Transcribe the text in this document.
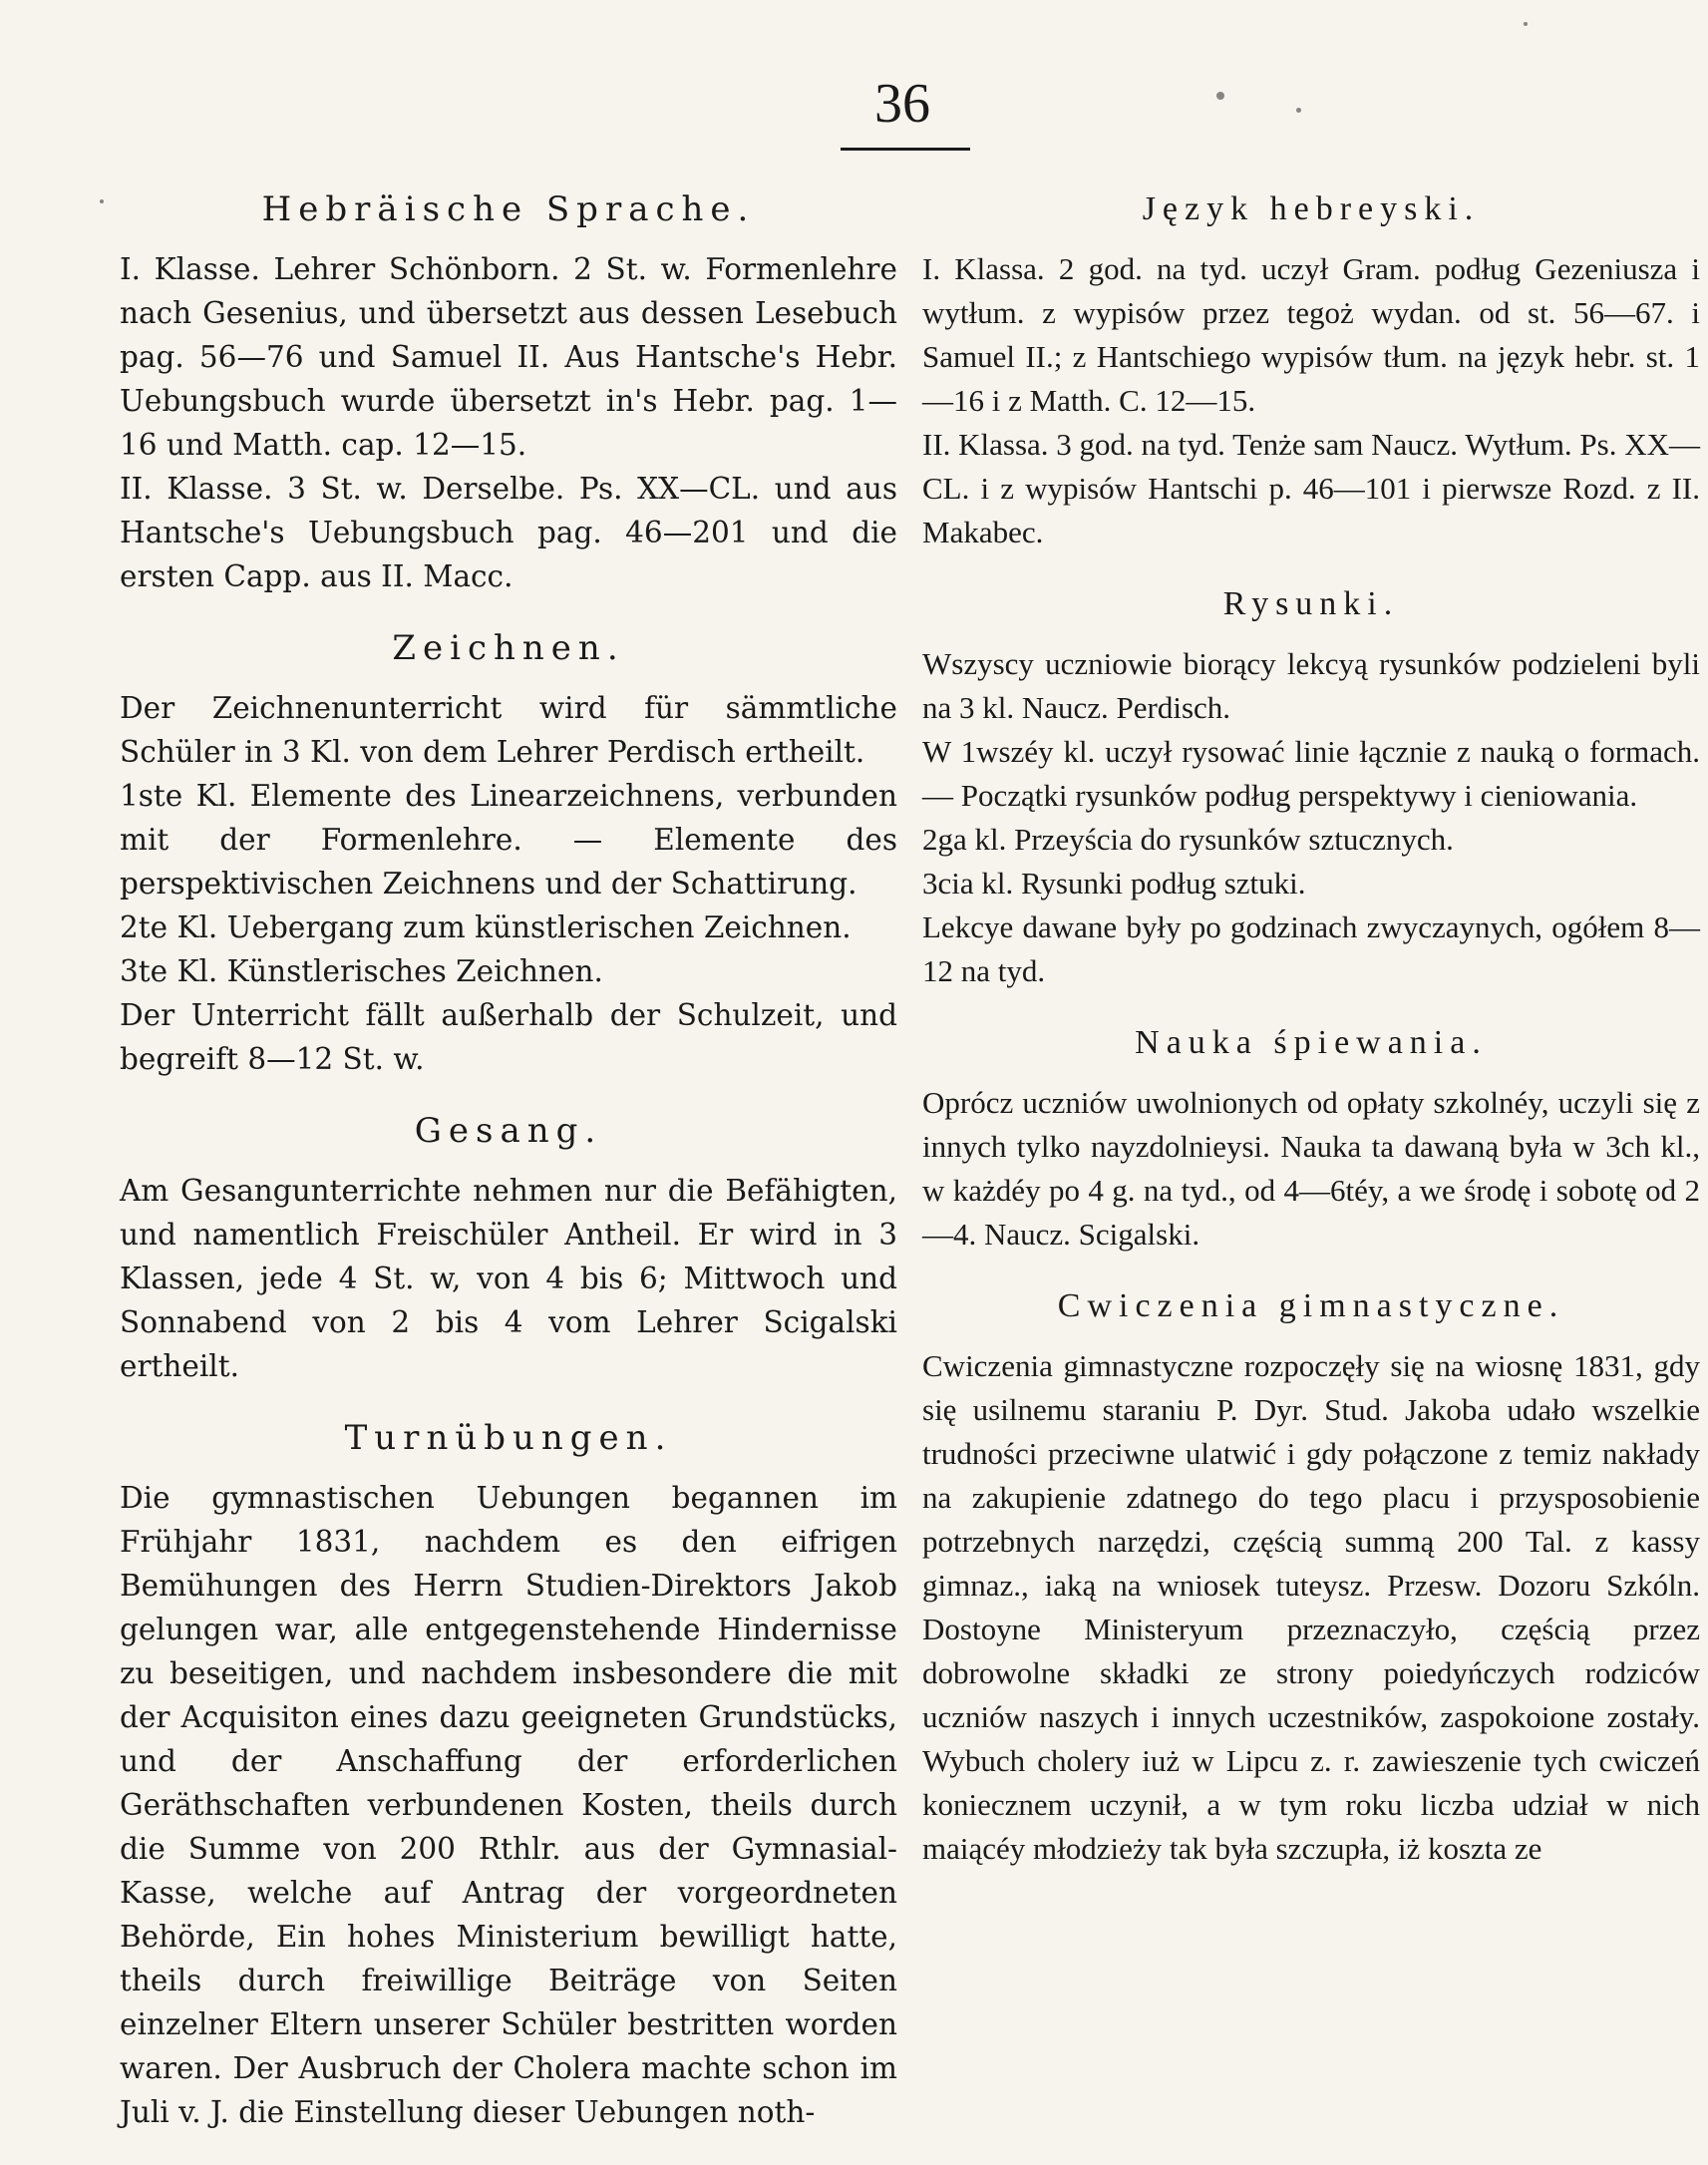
36
Hebräische Sprache.

I. Klasse. Lehrer Schönborn. 2 St. w. Formenlehre nach Gesenius, und übersetzt aus dessen Lesebuch pag. 56—76 und Samuel II. Aus Hantsche's Hebr. Uebungsbuch wurde übersetzt in's Hebr. pag. 1—16 und Matth. cap. 12—15.

II. Klasse. 3 St. w. Derselbe. Ps. XX—CL. und aus Hantsche's Uebungsbuch pag. 46—201 und die ersten Capp. aus II. Macc.

Zeichnen.

Der Zeichnenunterricht wird für sämmtliche Schüler in 3 Kl. von dem Lehrer Perdisch ertheilt.

1ste Kl. Elemente des Linearzeichnens, verbunden mit der Formenlehre. — Elemente des perspektivischen Zeichnens und der Schattirung.

2te Kl. Uebergang zum künstlerischen Zeichnen.

3te Kl. Künstlerisches Zeichnen.

Der Unterricht fällt außerhalb der Schulzeit, und begreift 8—12 St. w.

Gesang.

Am Gesangunterrichte nehmen nur die Befähigten, und namentlich Freischüler Antheil. Er wird in 3 Klassen, jede 4 St. w, von 4 bis 6; Mittwoch und Sonnabend von 2 bis 4 vom Lehrer Scigalski ertheilt.

Turnübungen.

Die gymnastischen Uebungen begannen im Frühjahr 1831, nachdem es den eifrigen Bemühungen des Herrn Studien-Direktors Jakob gelungen war, alle entgegenstehende Hindernisse zu beseitigen, und nachdem insbesondere die mit der Acquisiton eines dazu geeigneten Grundstücks, und der Anschaffung der erforderlichen Geräthschaften verbundenen Kosten, theils durch die Summe von 200 Rthlr. aus der Gymnasial-Kasse, welche auf Antrag der vorgeordneten Behörde, Ein hohes Ministerium bewilligt hatte, theils durch freiwillige Beiträge von Seiten einzelner Eltern unserer Schüler bestritten worden waren. Der Ausbruch der Cholera machte schon im Juli v. J. die Einstellung dieser Uebungen noth-

Język hebreyski.

I. Klassa. 2 god. na tyd. uczył Gram. podług Gezeniusza i wytłum. z wypisów przez tegoż wydan. od st. 56—67. i Samuel II.; z Hantschiego wypisów tłum. na język hebr. st. 1—16 i z Matth. C. 12—15.

II. Klassa. 3 god. na tyd. Tenże sam Naucz. Wytłum. Ps. XX—CL. i z wypisów Hantschi p. 46—101 i pierwsze Rozd. z II. Makabec.

Rysunki.

Wszyscy uczniowie biorący lekcyą rysunków podzieleni byli na 3 kl. Naucz. Perdisch.

W 1wszéy kl. uczył rysować linie łącznie z nauką o formach. — Początki rysunków podług perspektywy i cieniowania.

2ga kl. Przeyścia do rysunków sztucznych.

3cia kl. Rysunki podług sztuki.

Lekcye dawane były po godzinach zwyczaynych, ogółem 8—12 na tyd.

Nauka śpiewania.

Oprócz uczniów uwolnionych od opłaty szkolnéy, uczyli się z innych tylko nayzdolnieysi. Nauka ta dawaną była w 3ch kl., w każdéy po 4 g. na tyd., od 4—6téy, a we środę i sobotę od 2—4. Naucz. Scigalski.

Cwiczenia gimnastyczne.

Cwiczenia gimnastyczne rozpoczęły się na wiosnę 1831, gdy się usilnemu staraniu P. Dyr. Stud. Jakoba udało wszelkie trudności przeciwne ulatwić i gdy połączone z temiz nakłady na zakupienie zdatnego do tego placu i przysposobienie potrzebnych narzędzi, częścią summą 200 Tal. z kassy gimnaz., iaką na wniosek tuteysz. Przesw. Dozoru Szkóln. Dostoyne Ministeryum przeznaczyło, częścią przez dobrowolne składki ze strony poiedyńczych rodziców uczniów naszych i innych uczestników, zaspokoione zostały. Wybuch cholery iuż w Lipcu z. r. zawieszenie tych cwiczeń koniecznem uczynił, a w tym roku liczba udział w nich maiącéy młodzieży tak była szczupła, iż koszta ze
